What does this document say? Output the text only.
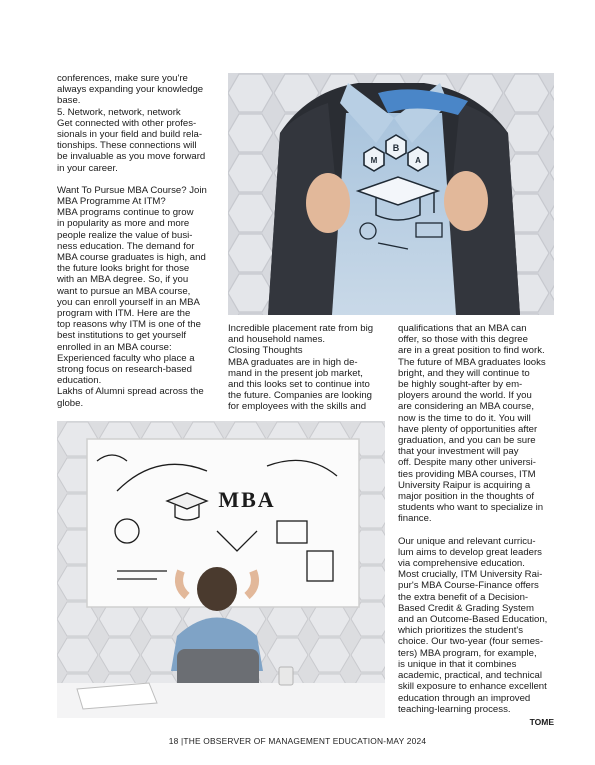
conferences, make sure you're

always expanding your knowledge

base.

5. Network, network, network

Get connected with other profes-

sionals in your field and build rela-

tionships. These connections will

be invaluable as you move forward

in your career.

Want To Pursue MBA Course? Join

MBA Programme At ITM?

MBA programs continue to grow

in popularity as more and more

people realize the value of busi-

ness education. The demand for

MBA course graduates is high, and

the future looks bright for those

with an MBA degree. So, if you

want to pursue an MBA course,

you can enroll yourself in an MBA

program with ITM. Here are the

top reasons why ITM is one of the

best institutions to get yourself

enrolled in an MBA course:

Experienced faculty who place a

strong focus on research-based

education.

Lakhs of Alumni spread across the

globe.

M
B
A

Incredible placement rate from big

and household names.

Closing Thoughts

MBA graduates are in high de-

mand in the present job market,

and this looks set to continue into

the future. Companies are looking

for employees with the skills and

qualifications that an MBA can

offer, so those with this degree

are in a great position to find work.

The future of MBA graduates looks

bright, and they will continue to

be highly sought-after by em-

ployers around the world. If you

are considering an MBA course,

now is the time to do it. You will

have plenty of opportunities after

graduation, and you can be sure

that your investment will pay

off. Despite many other universi-

ties providing MBA courses, ITM

University Raipur is acquiring a

major position in the thoughts of

students who want to specialize in

finance.

Our unique and relevant curricu-

lum aims to develop great leaders

via comprehensive education.

Most crucially, ITM University Rai-

pur's MBA Course-Finance offers

the extra benefit of a Decision-

Based Credit & Grading System

and an Outcome-Based Education,

which prioritizes the student's

choice. Our two-year (four semes-

ters) MBA program, for example,

is unique in that it combines

academic, practical, and technical

skill exposure to enhance excellent

education through an improved

teaching-learning process.

TOME

MBA
18 |THE OBSERVER OF MANAGEMENT EDUCATION-MAY 2024
